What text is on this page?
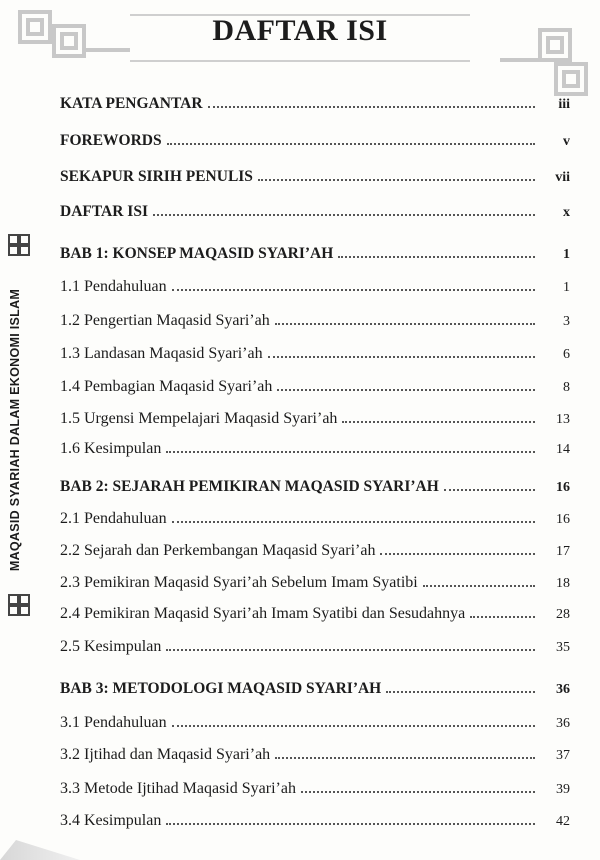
DAFTAR ISI
MAQASID SYARIAH DALAM EKONOMI ISLAM
KATA PENGANTAR	iii
FOREWORDS	v
SEKAPUR SIRIH PENULIS	vii
DAFTAR ISI	x
BAB 1: KONSEP MAQASID SYARI’AH	1
1.1 Pendahuluan	1
1.2 Pengertian Maqasid Syari’ah	3
1.3 Landasan Maqasid Syari’ah	6
1.4 Pembagian Maqasid Syari’ah	8
1.5 Urgensi Mempelajari Maqasid Syari’ah	13
1.6 Kesimpulan	14
BAB 2: SEJARAH PEMIKIRAN MAQASID SYARI’AH	16
2.1 Pendahuluan	16
2.2 Sejarah dan Perkembangan Maqasid Syari’ah	17
2.3 Pemikiran Maqasid Syari’ah Sebelum Imam Syatibi	18
2.4 Pemikiran Maqasid Syari’ah Imam Syatibi dan Sesudahnya	28
2.5 Kesimpulan	35
BAB 3: METODOLOGI MAQASID SYARI’AH	36
3.1 Pendahuluan	36
3.2 Ijtihad dan Maqasid Syari’ah	37
3.3 Metode Ijtihad Maqasid Syari’ah	39
3.4 Kesimpulan	42
